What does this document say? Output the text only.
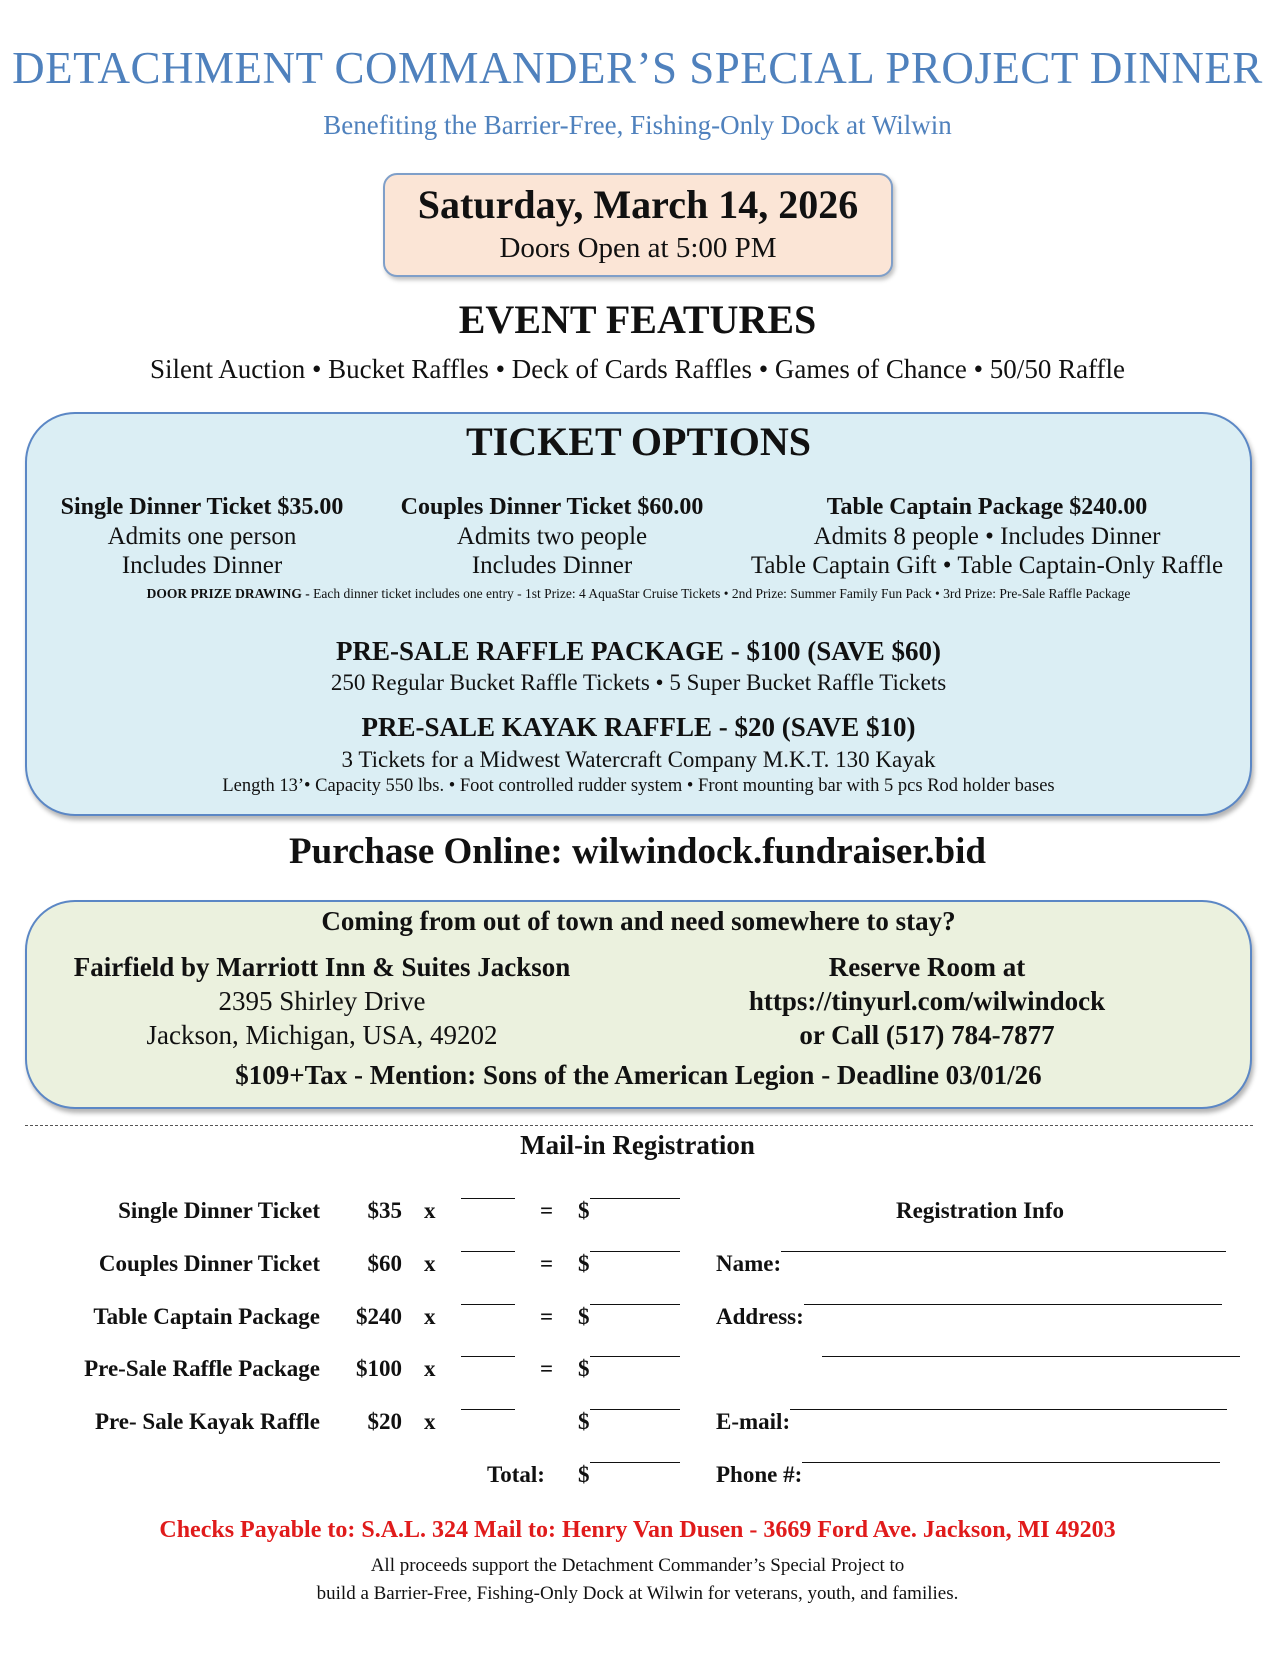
DETACHMENT COMMANDER’S SPECIAL PROJECT DINNER
Benefiting the Barrier-Free, Fishing-Only Dock at Wilwin
Saturday, March 14, 2026
Doors Open at 5:00 PM
EVENT FEATURES
Silent Auction • Bucket Raffles • Deck of Cards Raffles • Games of Chance • 50/50 Raffle
TICKET OPTIONS
Single Dinner Ticket $35.00
Admits one person
Includes Dinner
Couples Dinner Ticket $60.00
Admits two people
Includes Dinner
Table Captain Package $240.00
Admits 8 people • Includes Dinner
Table Captain Gift • Table Captain-Only Raffle
DOOR PRIZE DRAWING - Each dinner ticket includes one entry - 1st Prize: 4 AquaStar Cruise Tickets • 2nd Prize: Summer Family Fun Pack • 3rd Prize: Pre-Sale Raffle Package
PRE-SALE RAFFLE PACKAGE - $100 (SAVE $60)
250 Regular Bucket Raffle Tickets • 5 Super Bucket Raffle Tickets
PRE-SALE KAYAK RAFFLE - $20 (SAVE $10)
3 Tickets for a Midwest Watercraft Company M.K.T. 130 Kayak
Length 13’• Capacity 550 lbs. • Foot controlled rudder system • Front mounting bar with 5 pcs Rod holder bases
Purchase Online: wilwindock.fundraiser.bid
Coming from out of town and need somewhere to stay?
Fairfield by Marriott Inn & Suites Jackson
2395 Shirley Drive
Jackson, Michigan, USA, 49202
Reserve Room at
https://tinyurl.com/wilwindock
or Call (517) 784-7877
$109+Tax - Mention: Sons of the American Legion - Deadline 03/01/26
Mail-in Registration
Single Dinner Ticket $35 x	= $
Couples Dinner Ticket $60 x	= $
Table Captain Package $240 x	= $
Pre-Sale Raffle Package $100 x	= $
Pre- Sale Kayak Raffle $20 x	$
Registration Info
Name:
Address:
E-mail:
Phone #:
Total: $
Checks Payable to: S.A.L. 324 Mail to: Henry Van Dusen - 3669 Ford Ave. Jackson, MI 49203
All proceeds support the Detachment Commander’s Special Project to
build a Barrier-Free, Fishing-Only Dock at Wilwin for veterans, youth, and families.
